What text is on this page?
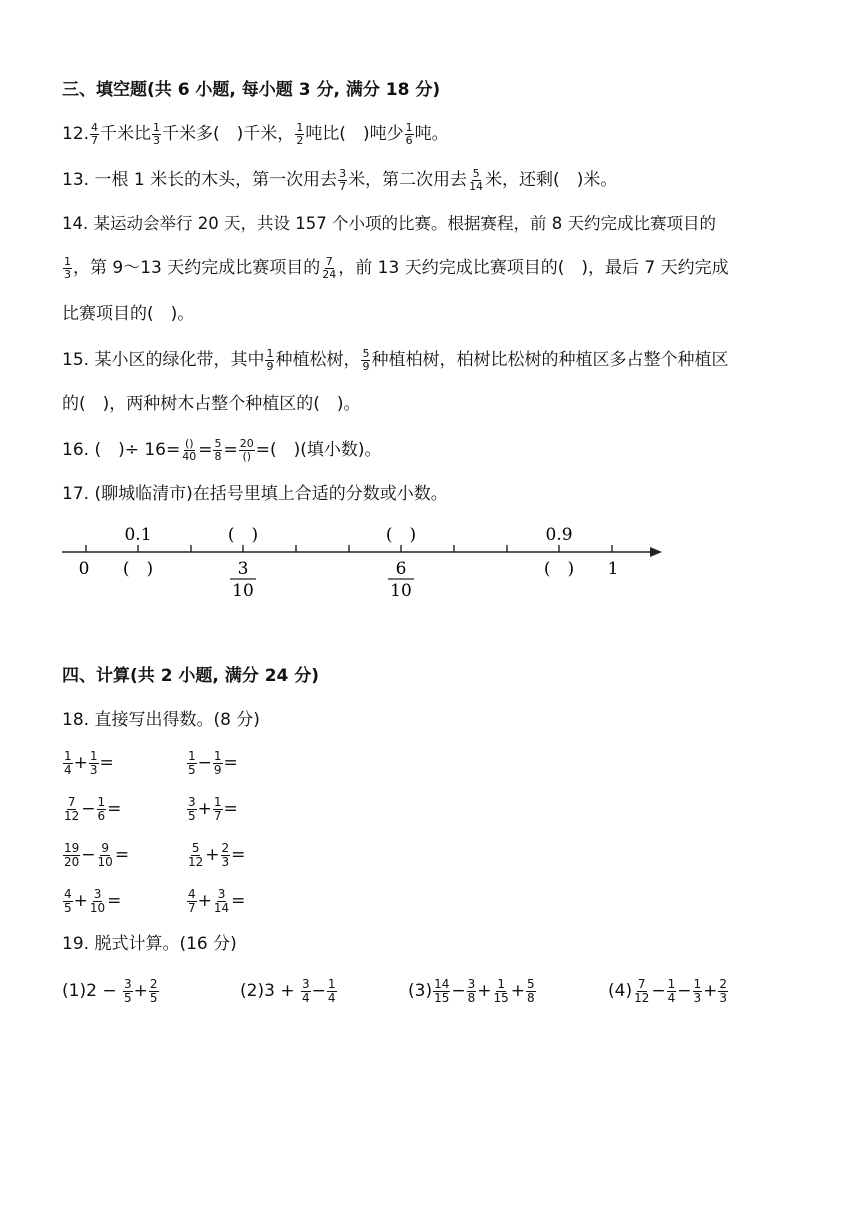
三、填空题(共 6 小题, 每小题 3 分, 满分 18 分)
12. $\frac{4}{7}$ 千米比 $\frac{1}{3}$ 千米多(　)千米， $\frac{1}{2}$ 吨比(　)吨少 $\frac{1}{6}$ 吨。
13. 一根 1 米长的木头，第一次用去 $\frac{3}{7}$ 米，第二次用去 $\frac{5}{14}$ 米，还剩(　)米。
14. 某运动会举行 20 天，共设 157 个小项的比赛。根据赛程，前 8 天约完成比赛项目的
$\frac{1}{3}$ ，第 9～13 天约完成比赛项目的 $\frac{7}{24}$ ，前 13 天约完成比赛项目的(　)，最后 7 天约完成
比赛项目的(　)。
15. 某小区的绿化带，其中 $\frac{1}{9}$ 种植松树， $\frac{5}{9}$ 种植柏树，柏树比松树的种植区多占整个种植区
的(　)，两种树木占整个种植区的(　)。
16. (　)÷ $16= \frac{()}{40} = \frac{5}{8} = \frac{20}{()}$ =(　)(填小数)。
17. (聊城临清市)在括号里填上合适的分数或小数。
0.1	(　)	(　)	0.9
0 (　)	(　) 1
3
10
6
10
四、计算(共 2 小题, 满分 24 分)
18. 直接写出得数。(8 分)
$\frac{1}{4} + \frac{1}{3}$ =	$\frac{1}{5} - \frac{1}{9}$ =
$\frac{7}{12} - \frac{1}{6}$ =	$\frac{3}{5} + \frac{1}{7}$ =
$\frac{19}{20} - \frac{9}{10}$ =	$\frac{5}{12} + \frac{2}{3}$ =
$\frac{4}{5} + \frac{3}{10}$ =	$\frac{4}{7} + \frac{3}{14}$ =
19. 脱式计算。(16 分)
$(1)2 - \frac{3}{5} + \frac{2}{5}$	$(2)3 + \frac{3}{4} - \frac{1}{4}$	$(3) \frac{14}{15} - \frac{3}{8} + \frac{1}{15} + \frac{5}{8}$	$(4) \frac{7}{12} - \frac{1}{4} - \frac{1}{3} + \frac{2}{3}$
